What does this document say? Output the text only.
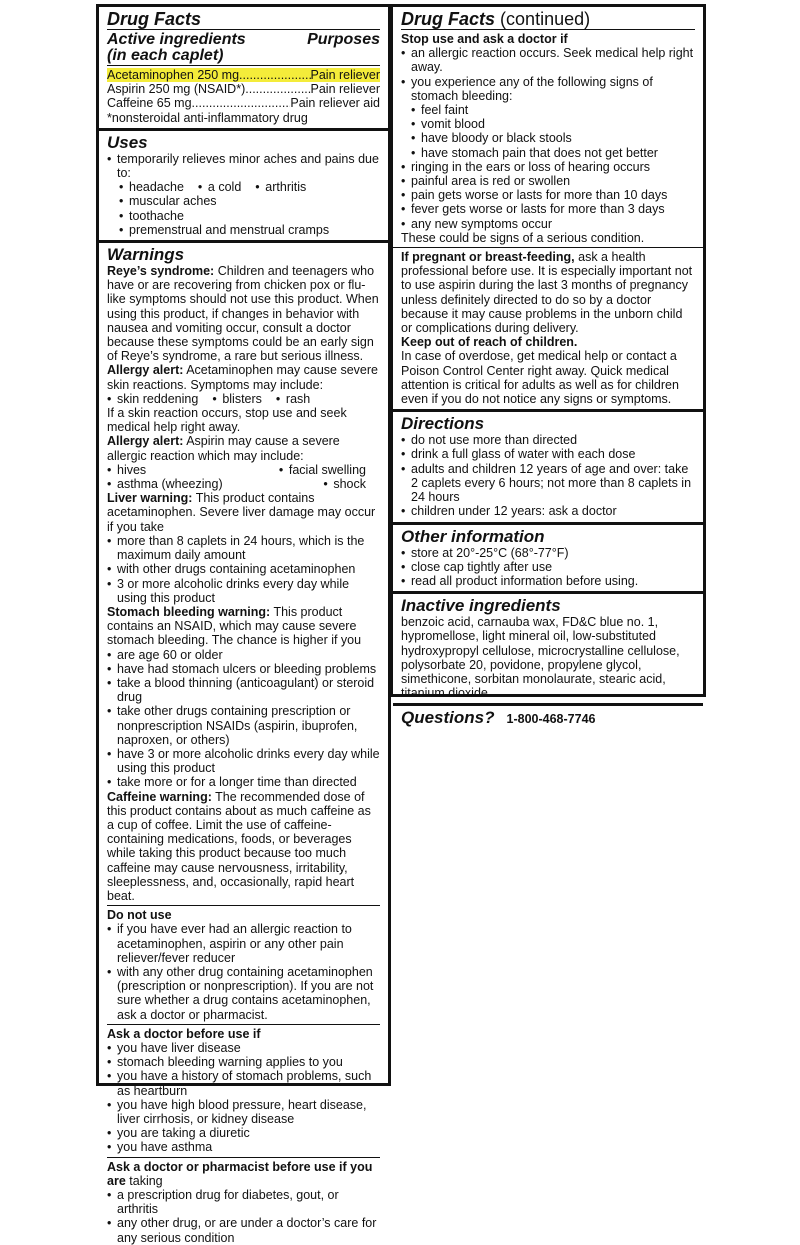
Drug Facts
Active ingredients	Purposes
(in each caplet)
Acetaminophen 250 mg .....	Pain reliever
Aspirin 250 mg (NSAID*) .....	Pain reliever
Caffeine 65 mg .....	Pain reliever aid
*nonsteroidal anti-inflammatory drug
Uses
• temporarily relieves minor aches and pains due to:
• headache	• a cold	• arthritis
• muscular aches
• toothache
• premenstrual and menstrual cramps
Warnings
Reye’s syndrome: Children and teenagers who have or are recovering from chicken pox or flu-like symptoms should not use this product. When using this product, if changes in behavior with nausea and vomiting occur, consult a doctor because these symptoms could be an early sign of Reye’s syndrome, a rare but serious illness.
Allergy alert: Acetaminophen may cause severe skin reactions. Symptoms may include:
• skin reddening	• blisters	• rash
If a skin reaction occurs, stop use and seek medical help right away.
Allergy alert: Aspirin may cause a severe allergic reaction which may include:
• hives	• facial swelling
• asthma (wheezing)	• shock
Liver warning: This product contains acetaminophen. Severe liver damage may occur if you take
• more than 8 caplets in 24 hours, which is the maximum daily amount
• with other drugs containing acetaminophen
• 3 or more alcoholic drinks every day while using this product
Stomach bleeding warning: This product contains an NSAID, which may cause severe stomach bleeding. The chance is higher if you
• are age 60 or older
• have had stomach ulcers or bleeding problems
• take a blood thinning (anticoagulant) or steroid drug
• take other drugs containing prescription or nonprescription NSAIDs (aspirin, ibuprofen, naproxen, or others)
• have 3 or more alcoholic drinks every day while using this product
• take more or for a longer time than directed
Caffeine warning: The recommended dose of this product contains about as much caffeine as a cup of coffee. Limit the use of caffeine-containing medications, foods, or beverages while taking this product because too much caffeine may cause nervousness, irritability, sleeplessness, and, occasionally, rapid heart beat.
Do not use
• if you have ever had an allergic reaction to acetaminophen, aspirin or any other pain reliever/fever reducer
• with any other drug containing acetaminophen (prescription or nonprescription). If you are not sure whether a drug contains acetaminophen, ask a doctor or pharmacist.
Ask a doctor before use if
• you have liver disease
• stomach bleeding warning applies to you
• you have a history of stomach problems, such as heartburn
• you have high blood pressure, heart disease, liver cirrhosis, or kidney disease
• you are taking a diuretic
• you have asthma
Ask a doctor or pharmacist before use if you are taking
• a prescription drug for diabetes, gout, or arthritis
• any other drug, or are under a doctor’s care for any serious condition
Drug Facts (continued)
Stop use and ask a doctor if
• an allergic reaction occurs. Seek medical help right away.
• you experience any of the following signs of stomach bleeding:
• feel faint
• vomit blood
• have bloody or black stools
• have stomach pain that does not get better
• ringing in the ears or loss of hearing occurs
• painful area is red or swollen
• pain gets worse or lasts for more than 10 days
• fever gets worse or lasts for more than 3 days
• any new symptoms occur
These could be signs of a serious condition.
If pregnant or breast-feeding, ask a health professional before use. It is especially important not to use aspirin during the last 3 months of pregnancy unless definitely directed to do so by a doctor because it may cause problems in the unborn child or complications during delivery.
Keep out of reach of children.
In case of overdose, get medical help or contact a Poison Control Center right away. Quick medical attention is critical for adults as well as for children even if you do not notice any signs or symptoms.
Directions
• do not use more than directed
• drink a full glass of water with each dose
• adults and children 12 years of age and over: take 2 caplets every 6 hours; not more than 8 caplets in 24 hours
• children under 12 years: ask a doctor
Other information
• store at 20°-25°C (68°-77°F)
• close cap tightly after use
• read all product information before using.
Inactive ingredients
benzoic acid, carnauba wax, FD&C blue no. 1, hypromellose, light mineral oil, low-substituted hydroxypropyl cellulose, microcrystalline cellulose, polysorbate 20, povidone, propylene glycol, simethicone, sorbitan monolaurate, stearic acid, titanium dioxide
Questions? 1-800-468-7746
